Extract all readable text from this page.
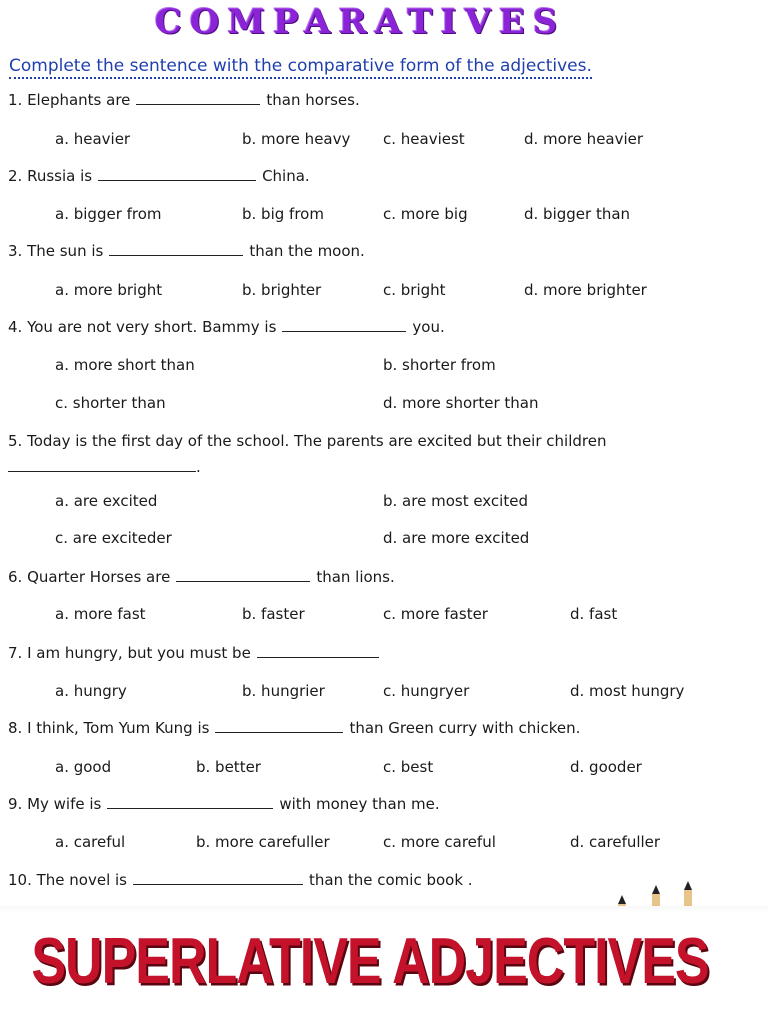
COMPARATIVES
Complete the sentence with the comparative form of the adjectives.
1. Elephants are	than horses.
a. heavier	b. more heavy c. heaviest	d. more heavier
2. Russia is	China.
a. bigger from	b. big from	c. more big	d. bigger than
3. The sun is	than the moon.
a. more bright	b. brighter	c. bright	d. more brighter
4. You are not very short. Bammy is	you.
a. more short than	b. shorter from
c. shorter than	d. more shorter than
5. Today is the first day of the school. The parents are excited but their children
.
a. are excited	b. are most excited
c. are exciteder	d. are more excited
6. Quarter Horses are	than lions.
a. more fast	b. faster	c. more faster	d. fast
7. I am hungry, but you must be
a. hungry	b. hungrier	c. hungryer	d. most hungry
8. I think, Tom Yum Kung is	than Green curry with chicken.
a. good	b. better	c. best	d. gooder
9. My wife is	with money than me.
a. careful	b. more carefuller	c. more careful	d. carefuller
10. The novel is	than the comic book .
SUPERLATIVE ADJECTIVES
